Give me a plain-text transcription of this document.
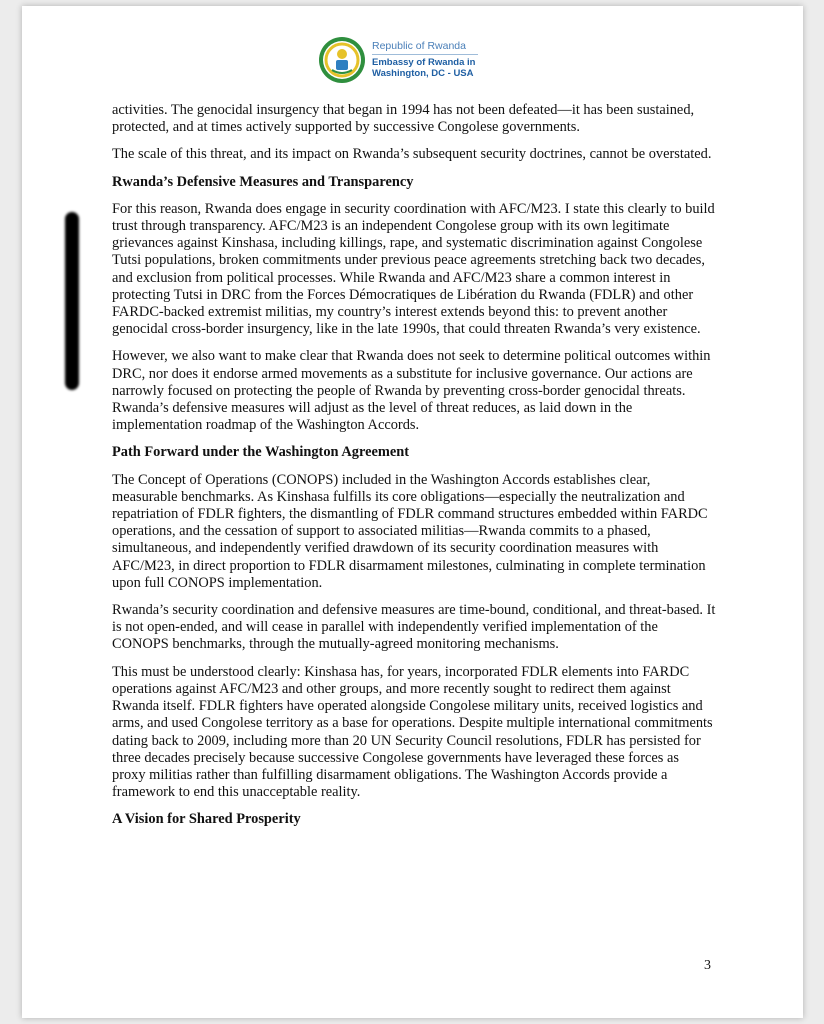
Republic of Rwanda
Embassy of Rwanda in
Washington, DC - USA

activities. The genocidal insurgency that began in 1994 has not been defeated—it has been sustained, protected, and at times actively supported by successive Congolese governments.

The scale of this threat, and its impact on Rwanda’s subsequent security doctrines, cannot be overstated.

Rwanda’s Defensive Measures and Transparency

For this reason, Rwanda does engage in security coordination with AFC/M23. I state this clearly to build trust through transparency. AFC/M23 is an independent Congolese group with its own legitimate grievances against Kinshasa, including killings, rape, and systematic discrimination against Congolese Tutsi populations, broken commitments under previous peace agreements stretching back two decades, and exclusion from political processes. While Rwanda and AFC/M23 share a common interest in protecting Tutsi in DRC from the Forces Démocratiques de Libération du Rwanda (FDLR) and other FARDC-backed extremist militias, my country’s interest extends beyond this: to prevent another genocidal cross-border insurgency, like in the late 1990s, that could threaten Rwanda’s very existence.

However, we also want to make clear that Rwanda does not seek to determine political outcomes within DRC, nor does it endorse armed movements as a substitute for inclusive governance. Our actions are narrowly focused on protecting the people of Rwanda by preventing cross-border genocidal threats. Rwanda’s defensive measures will adjust as the level of threat reduces, as laid down in the implementation roadmap of the Washington Accords.

Path Forward under the Washington Agreement

The Concept of Operations (CONOPS) included in the Washington Accords establishes clear, measurable benchmarks. As Kinshasa fulfills its core obligations—especially the neutralization and repatriation of FDLR fighters, the dismantling of FDLR command structures embedded within FARDC operations, and the cessation of support to associated militias—Rwanda commits to a phased, simultaneous, and independently verified drawdown of its security coordination measures with AFC/M23, in direct proportion to FDLR disarmament milestones, culminating in complete termination upon full CONOPS implementation.

Rwanda’s security coordination and defensive measures are time-bound, conditional, and threat-based. It is not open-ended, and will cease in parallel with independently verified implementation of the CONOPS benchmarks, through the mutually-agreed monitoring mechanisms.

This must be understood clearly: Kinshasa has, for years, incorporated FDLR elements into FARDC operations against AFC/M23 and other groups, and more recently sought to redirect them against Rwanda itself. FDLR fighters have operated alongside Congolese military units, received logistics and arms, and used Congolese territory as a base for operations. Despite multiple international commitments dating back to 2009, including more than 20 UN Security Council resolutions, FDLR has persisted for three decades precisely because successive Congolese governments have leveraged these forces as proxy militias rather than fulfilling disarmament obligations. The Washington Accords provide a framework to end this unacceptable reality.

A Vision for Shared Prosperity
3
